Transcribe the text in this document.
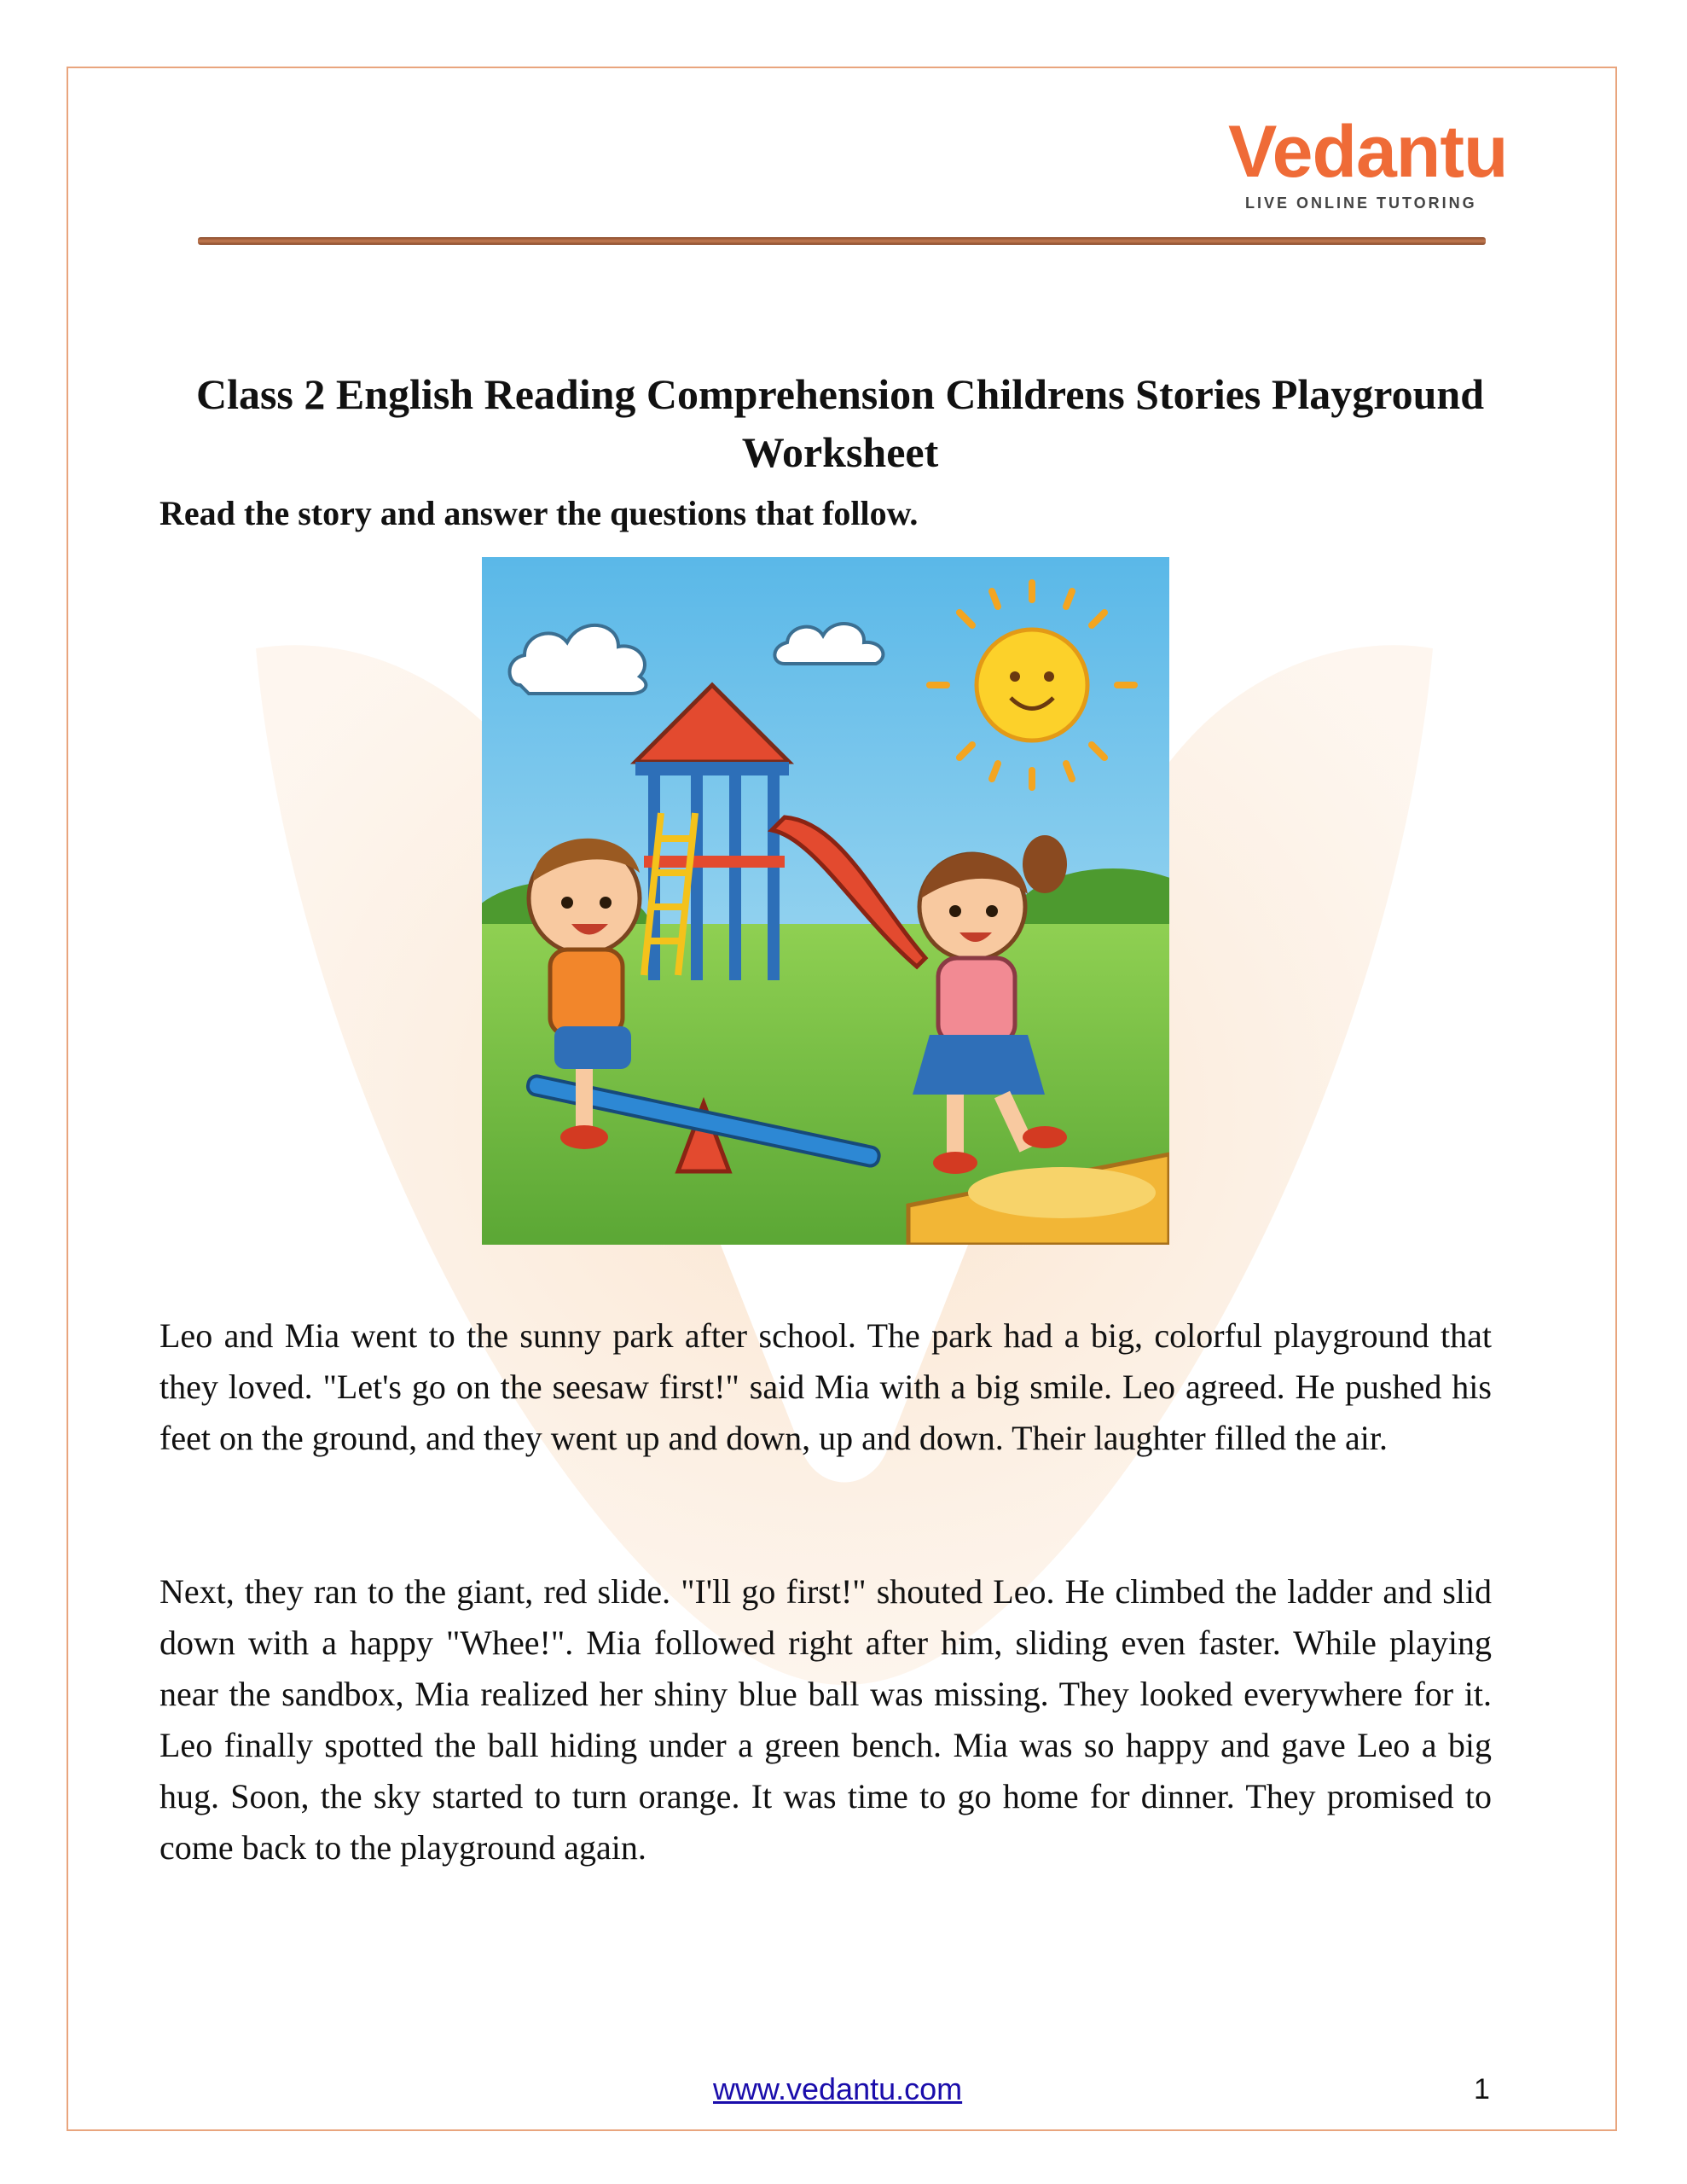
Vedantu
LIVE ONLINE TUTORING
Class 2 English Reading Comprehension Childrens Stories Playground Worksheet

Read the story and answer the questions that follow.

Leo and Mia went to the sunny park after school. The park had a big, colorful playground that they loved. "Let's go on the seesaw first!" said Mia with a big smile. Leo agreed. He pushed his feet on the ground, and they went up and down, up and down. Their laughter filled the air.

Next, they ran to the giant, red slide. "I'll go first!" shouted Leo. He climbed the ladder and slid down with a happy "Whee!". Mia followed right after him, sliding even faster. While playing near the sandbox, Mia realized her shiny blue ball was missing. They looked everywhere for it. Leo finally spotted the ball hiding under a green bench. Mia was so happy and gave Leo a big hug. Soon, the sky started to turn orange. It was time to go home for dinner. They promised to come back to the playground again.

www.vedantu.com	1
